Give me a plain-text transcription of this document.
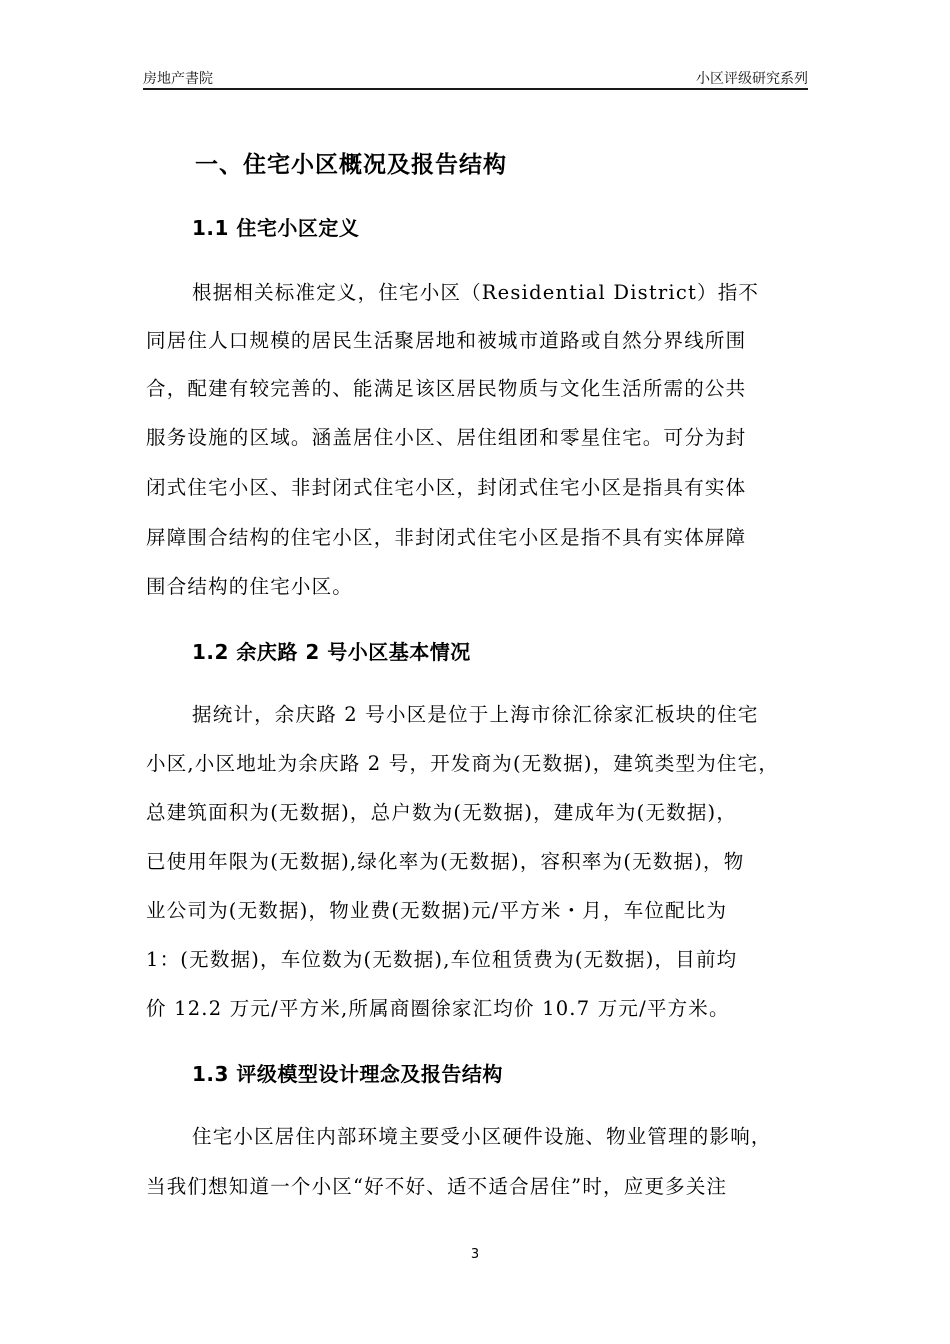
房地产書院	小区评级研究系列
一、住宅小区概况及报告结构
1.1 住宅小区定义
根据相关标准定义，住宅小区（Residential District）指不
同居住人口规模的居民生活聚居地和被城市道路或自然分界线所围
合，配建有较完善的、能满足该区居民物质与文化生活所需的公共
服务设施的区域。涵盖居住小区、居住组团和零星住宅。可分为封
闭式住宅小区、非封闭式住宅小区，封闭式住宅小区是指具有实体
屏障围合结构的住宅小区，非封闭式住宅小区是指不具有实体屏障
围合结构的住宅小区。
1.2 余庆路 2 号小区基本情况
据统计，余庆路 2 号小区是位于上海市徐汇徐家汇板块的住宅
小区,小区地址为余庆路 2 号，开发商为(无数据)，建筑类型为住宅，
总建筑面积为(无数据)，总户数为(无数据)，建成年为(无数据)，
已使用年限为(无数据),绿化率为(无数据)，容积率为(无数据)，物
业公司为(无数据)，物业费(无数据)元/平方米・月，车位配比为
1：(无数据)，车位数为(无数据),车位租赁费为(无数据)，目前均
价 12.2 万元/平方米,所属商圈徐家汇均价 10.7 万元/平方米。
1.3 评级模型设计理念及报告结构
住宅小区居住内部环境主要受小区硬件设施、物业管理的影响，
当我们想知道一个小区“好不好、适不适合居住”时，应更多关注
3
